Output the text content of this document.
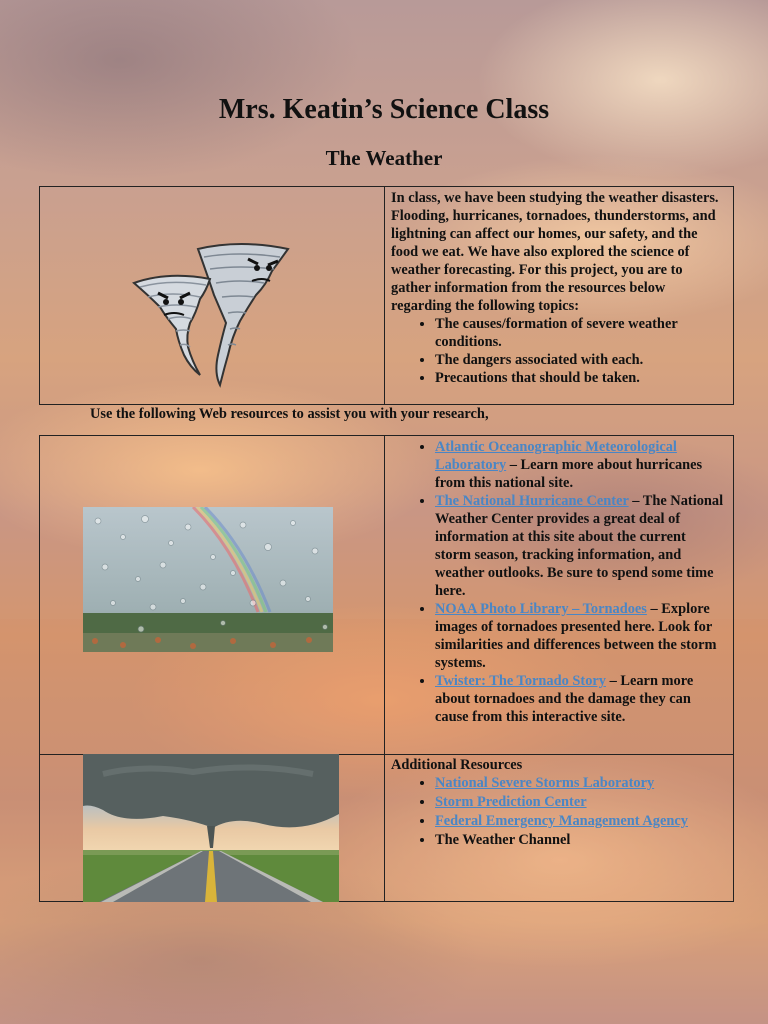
Mrs. Keatin’s Science Class
The Weather
In class, we have been studying the weather disasters. Flooding, hurricanes, tornadoes, thunderstorms, and lightning can affect our homes, our safety, and the food we eat. We have also explored the science of weather forecasting. For this project, you are to gather information from the resources below regarding the following topics:
• The causes/formation of severe weather conditions.
• The dangers associated with each.
• Precautions that should be taken.
Use the following Web resources to assist you with your research,
• Atlantic Oceanographic Meteorological Laboratory – Learn more about hurricanes from this national site.
• The National Hurricane Center – The National Weather Center provides a great deal of information at this site about the current storm season, tracking information, and weather outlooks. Be sure to spend some time here.
• NOAA Photo Library – Tornadoes – Explore images of tornadoes presented here. Look for similarities and differences between the storm systems.
• Twister: The Tornado Story – Learn more about tornadoes and the damage they can cause from this interactive site.
Additional Resources
• National Severe Storms Laboratory
• Storm Prediction Center
• Federal Emergency Management Agency
• The Weather Channel
